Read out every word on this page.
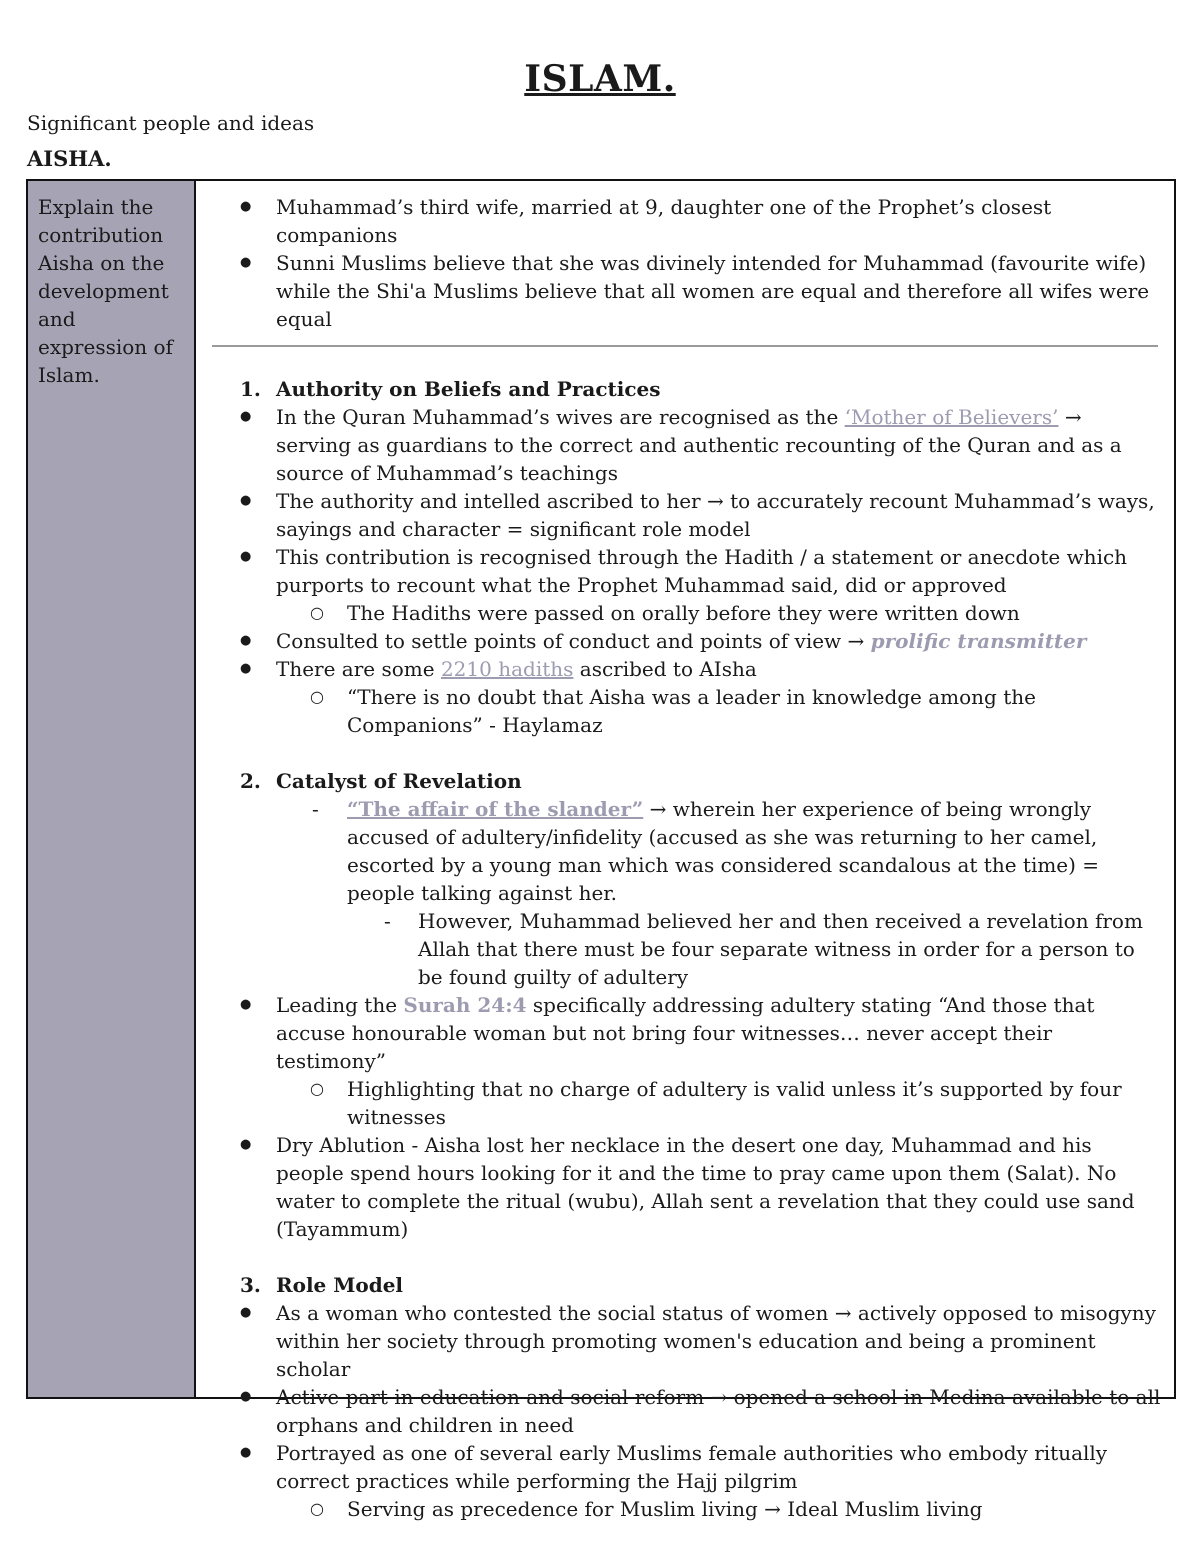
ISLAM.
Significant people and ideas
AISHA.
Explain the contribution Aisha on the development and expression of Islam.
● Muhammad’s third wife, married at 9, daughter one of the Prophet’s closest companions
● Sunni Muslims believe that she was divinely intended for Muhammad (favourite wife) while the Shi'a Muslims believe that all women are equal and therefore all wifes were equal
1. Authority on Beliefs and Practices
● In the Quran Muhammad’s wives are recognised as the ‘Mother of Believers’ → serving as guardians to the correct and authentic recounting of the Quran and as a source of Muhammad’s teachings
● The authority and intelled ascribed to her → to accurately recount Muhammad’s ways, sayings and character = significant role model
● This contribution is recognised through the Hadith / a statement or anecdote which purports to recount what the Prophet Muhammad said, did or approved
○ The Hadiths were passed on orally before they were written down
● Consulted to settle points of conduct and points of view → prolific transmitter
● There are some 2210 hadiths ascribed to AIsha
○ “There is no doubt that Aisha was a leader in knowledge among the Companions” - Haylamaz
2. Catalyst of Revelation
- “The affair of the slander” → wherein her experience of being wrongly accused of adultery/infidelity (accused as she was returning to her camel, escorted by a young man which was considered scandalous at the time) = people talking against her.
- However, Muhammad believed her and then received a revelation from Allah that there must be four separate witness in order for a person to be found guilty of adultery
● Leading the Surah 24:4 specifically addressing adultery stating “And those that accuse honourable woman but not bring four witnesses… never accept their testimony”
○ Highlighting that no charge of adultery is valid unless it’s supported by four witnesses
● Dry Ablution - Aisha lost her necklace in the desert one day, Muhammad and his people spend hours looking for it and the time to pray came upon them (Salat). No water to complete the ritual (wubu), Allah sent a revelation that they could use sand (Tayammum)
3. Role Model
● As a woman who contested the social status of women → actively opposed to misogyny within her society through promoting women's education and being a prominent scholar
● Active part in education and social reform → opened a school in Medina available to all orphans and children in need
● Portrayed as one of several early Muslims female authorities who embody ritually correct practices while performing the Hajj pilgrim
○ Serving as precedence for Muslim living → Ideal Muslim living
